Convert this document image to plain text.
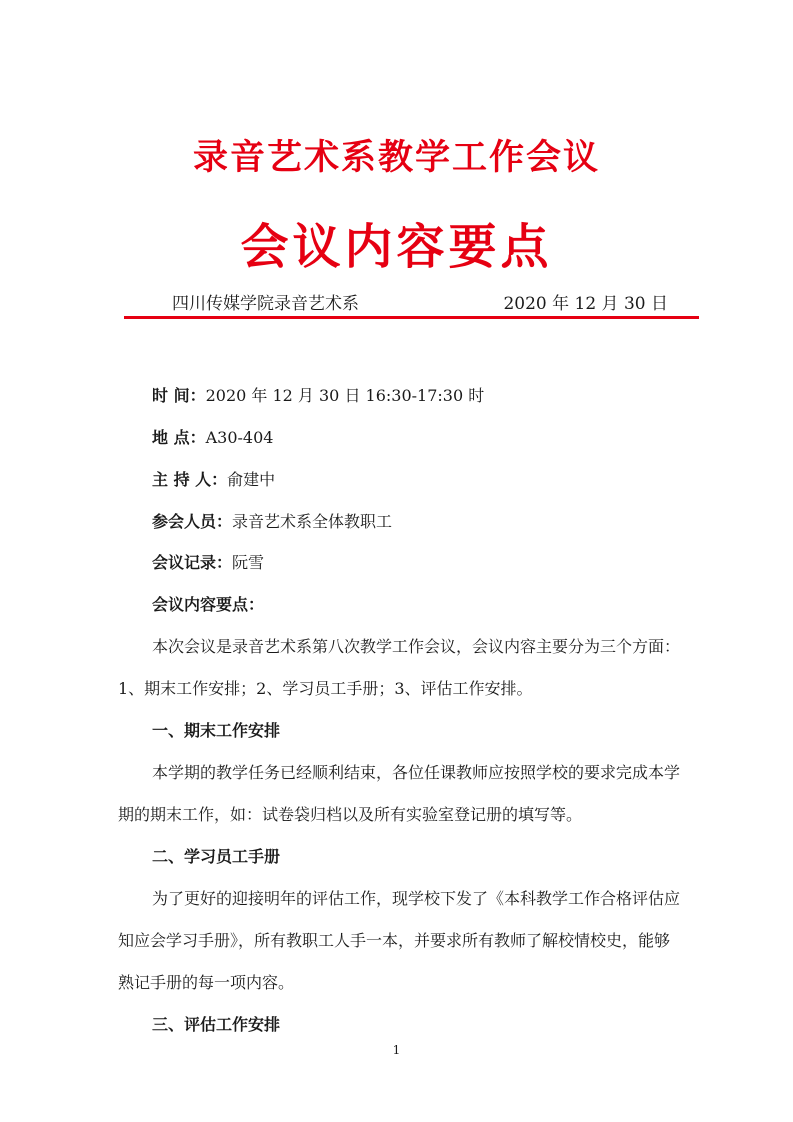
录音艺术系教学工作会议
会议内容要点
四川传媒学院录音艺术系	2020 年 12 月 30 日
时 间：2020 年 12 月 30 日 16:30-17:30 时
地 点：A30-404
主 持 人：俞建中
参会人员：录音艺术系全体教职工
会议记录：阮雪
会议内容要点：
本次会议是录音艺术系第八次教学工作会议，会议内容主要分为三个方面：
1、期末工作安排；2、学习员工手册；3、评估工作安排。
一、期末工作安排
本学期的教学任务已经顺利结束，各位任课教师应按照学校的要求完成本学
期的期末工作，如：试卷袋归档以及所有实验室登记册的填写等。
二、学习员工手册
为了更好的迎接明年的评估工作，现学校下发了《本科教学工作合格评估应
知应会学习手册》，所有教职工人手一本，并要求所有教师了解校情校史，能够
熟记手册的每一项内容。
三、评估工作安排
1
